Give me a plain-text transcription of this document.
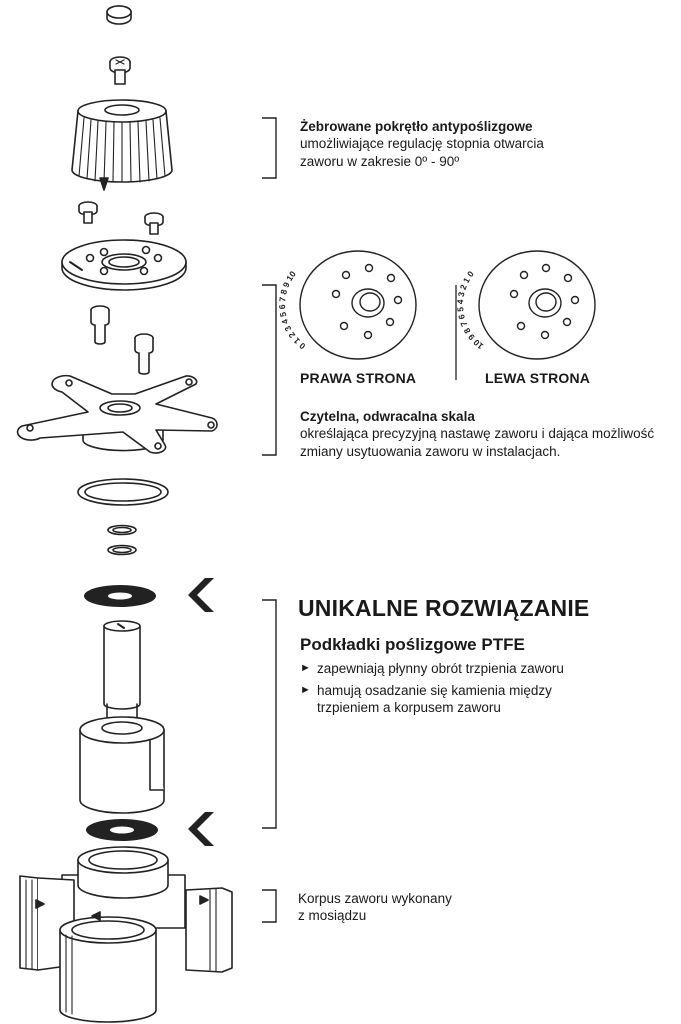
0 1 2 3 4 5 6 7 8 9 10
10 9 8 7 6 5 4 3 2 1 0
Żebrowane pokrętło antypoślizgowe
umożliwiające regulację stopnia otwarcia
zaworu w zakresie 0º - 90º
PRAWA STRONA	LEWA STRONA
Czytelna, odwracalna skala
określająca precyzyjną nastawę zaworu i dająca możliwość
zmiany usytuowania zaworu w instalacjach.
UNIKALNE ROZWIĄZANIE
Podkładki poślizgowe PTFE
► zapewniają płynny obrót trzpienia zaworu
► hamują osadzanie się kamienia między
trzpieniem a korpusem zaworu
Korpus zaworu wykonany
z mosiądzu
